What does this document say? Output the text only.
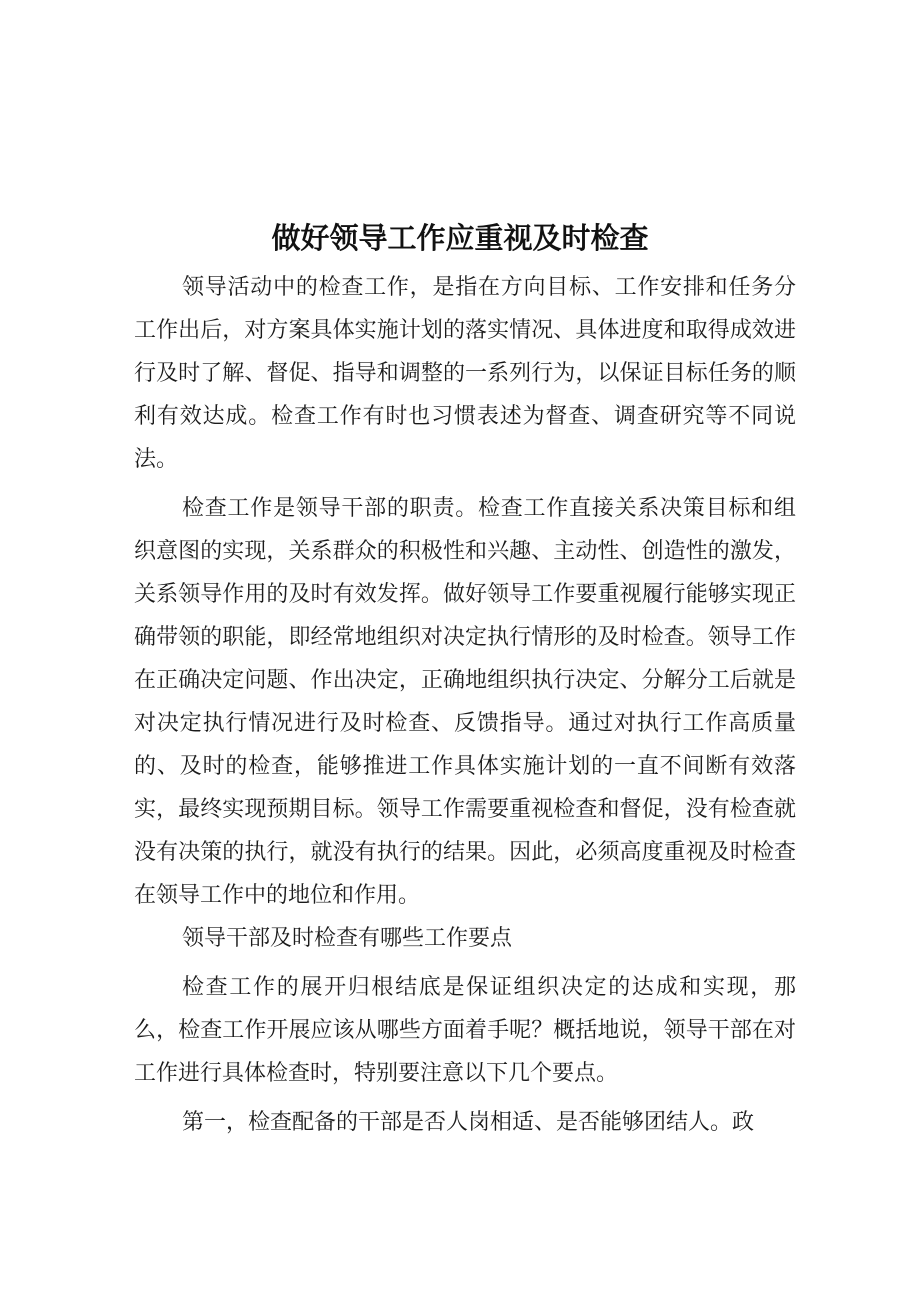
做好领导工作应重视及时检查

领导活动中的检查工作，是指在方向目标、工作安排和任务分工作出后，对方案具体实施计划的落实情况、具体进度和取得成效进行及时了解、督促、指导和调整的一系列行为，以保证目标任务的顺利有效达成。检查工作有时也习惯表述为督查、调查研究等不同说法。

检查工作是领导干部的职责。检查工作直接关系决策目标和组织意图的实现，关系群众的积极性和兴趣、主动性、创造性的激发，关系领导作用的及时有效发挥。做好领导工作要重视履行能够实现正确带领的职能，即经常地组织对决定执行情形的及时检查。领导工作在正确决定问题、作出决定，正确地组织执行决定、分解分工后就是对决定执行情况进行及时检查、反馈指导。通过对执行工作高质量的、及时的检查，能够推进工作具体实施计划的一直不间断有效落实，最终实现预期目标。领导工作需要重视检查和督促，没有检查就没有决策的执行，就没有执行的结果。因此，必须高度重视及时检查在领导工作中的地位和作用。

领导干部及时检查有哪些工作要点

检查工作的展开归根结底是保证组织决定的达成和实现，那么，检查工作开展应该从哪些方面着手呢？概括地说，领导干部在对工作进行具体检查时，特别要注意以下几个要点。

第一，检查配备的干部是否人岗相适、是否能够团结人。政
